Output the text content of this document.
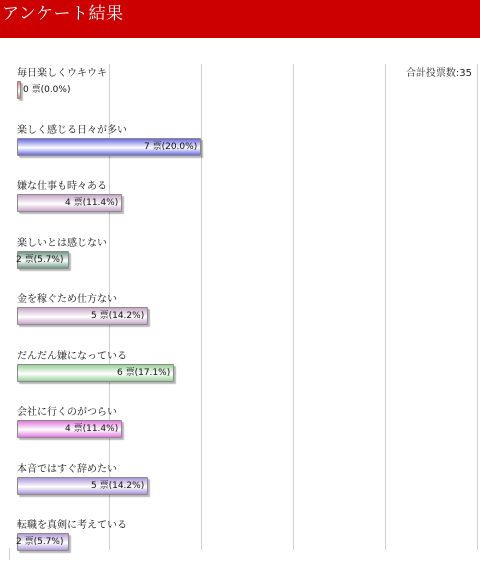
アンケート結果
合計投票数:35
毎日楽しくウキウキ
0 票(0.0%)
楽しく感じる日々が多い
7 票(20.0%)
嫌な仕事も時々ある
4 票(11.4%)
楽しいとは感じない
2 票(5.7%)
金を稼ぐため仕方ない
5 票(14.2%)
だんだん嫌になっている
6 票(17.1%)
会社に行くのがつらい
4 票(11.4%)
本音ではすぐ辞めたい
5 票(14.2%)
転職を真剣に考えている
2 票(5.7%)
